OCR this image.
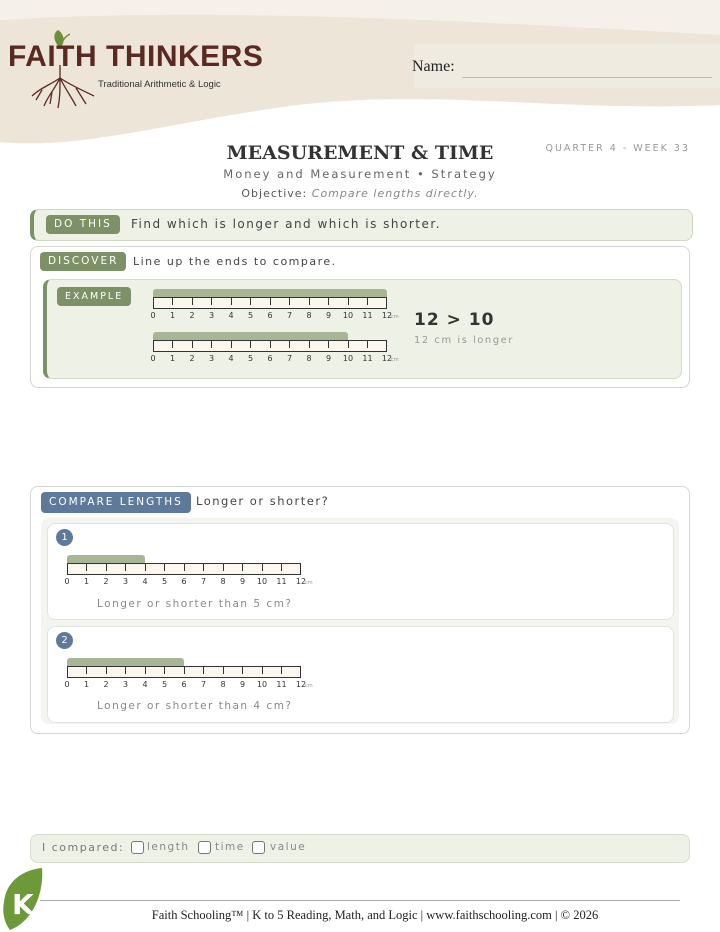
FAITH THINKERS
Traditional Arithmetic & Logic
Name:
MEASUREMENT & TIME	QUARTER 4 - WEEK 33
Money and Measurement • Strategy
Objective: Compare lengths directly.
DO THIS	Find which is longer and which is shorter.
DISCOVER	Line up the ends to compare.
EXAMPLE
0 1 2 3 4 5 6 7 8 9 10 11 12
cm
0 1 2 3 4 5 6 7 8 9 10 11 12
cm
12 > 10
12 cm is longer
COMPARE LENGTHS	Longer or shorter?
1
2
0 1 2 3 4 5 6 7 8 9 10 11 12
cm
0 1 2 3 4 5 6 7 8 9 10 11 12
cm
Longer or shorter than 5 cm?
Longer or shorter than 4 cm?
I compared: length time value
K	Faith Schooling™ | K to 5 Reading, Math, and Logic | www.faithschooling.com | © 2026
